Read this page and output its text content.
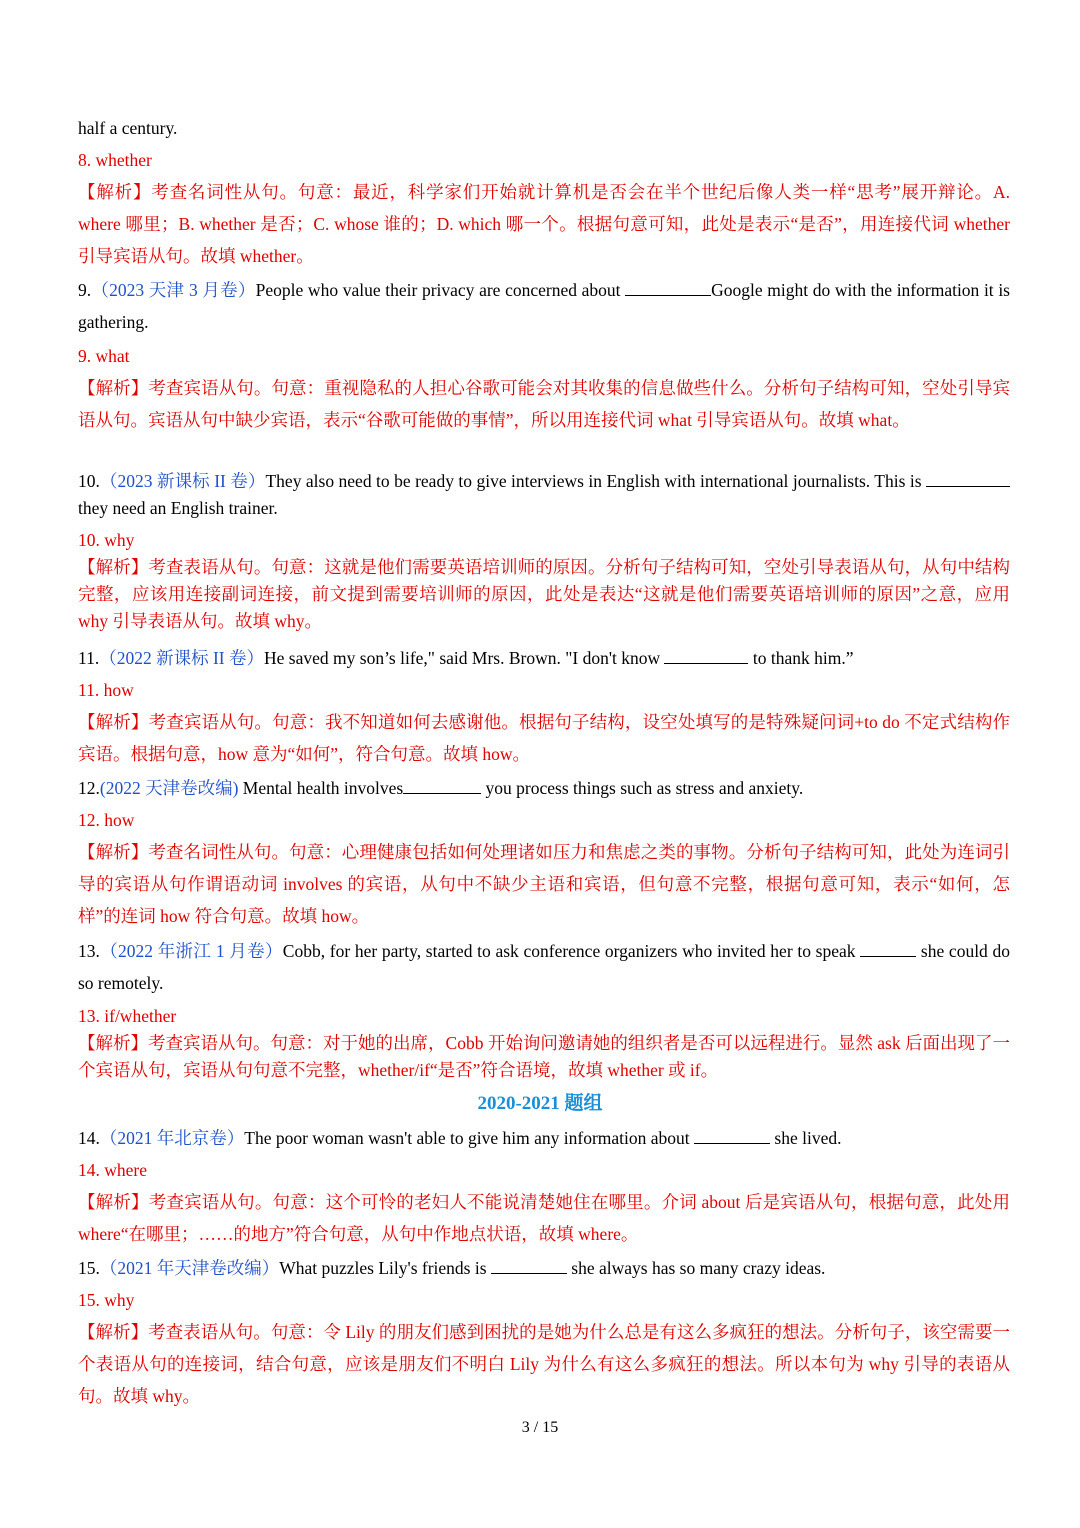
half a century.

8. whether

【解析】考查名词性从句。句意：最近，科学家们开始就计算机是否会在半个世纪后像人类一样“思考”展开辩论。A. where 哪里；B. whether 是否；C. whose 谁的；D. which 哪一个。根据句意可知，此处是表示“是否”，用连接代词 whether 引导宾语从句。故填 whether。

9.（2023 天津 3 月卷）People who value their privacy are concerned about	Google might do with the information it is gathering.

9. what

【解析】考查宾语从句。句意：重视隐私的人担心谷歌可能会对其收集的信息做些什么。分析句子结构可知，空处引导宾语从句。宾语从句中缺少宾语，表示“谷歌可能做的事情”，所以用连接代词 what 引导宾语从句。故填 what。

10.（2023 新课标 II 卷）They also need to be ready to give interviews in English with international journalists. This is  they need an English trainer.

10. why

【解析】考查表语从句。句意：这就是他们需要英语培训师的原因。分析句子结构可知，空处引导表语从句，从句中结构完整，应该用连接副词连接，前文提到需要培训师的原因，此处是表达“这就是他们需要英语培训师的原因”之意，应用 why 引导表语从句。故填 why。

11.（2022 新课标 II 卷）He saved my son’s life," said Mrs. Brown. "I don't know	to thank him.”

11. how

【解析】考查宾语从句。句意：我不知道如何去感谢他。根据句子结构，设空处填写的是特殊疑问词+to do 不定式结构作宾语。根据句意，how 意为“如何”，符合句意。故填 how。

12.(2022 天津卷改编) Mental health involves	you process things such as stress and anxiety.

12. how

【解析】考查名词性从句。句意：心理健康包括如何处理诸如压力和焦虑之类的事物。分析句子结构可知，此处为连词引导的宾语从句作谓语动词 involves 的宾语，从句中不缺少主语和宾语，但句意不完整，根据句意可知，表示“如何，怎样”的连词 how 符合句意。故填 how。

13.（2022 年浙江 1 月卷）Cobb, for her party, started to ask conference organizers who invited her to speak	she could do so remotely.

13. if/whether

【解析】考查宾语从句。句意：对于她的出席，Cobb 开始询问邀请她的组织者是否可以远程进行。显然 ask 后面出现了一个宾语从句，宾语从句句意不完整，whether/if“是否”符合语境，故填 whether 或 if。

2020-2021 题组

14.（2021 年北京卷）The poor woman wasn't able to give him any information about	she lived.

14. where

【解析】考查宾语从句。句意：这个可怜的老妇人不能说清楚她住在哪里。介词 about 后是宾语从句，根据句意，此处用 where“在哪里；……的地方”符合句意，从句中作地点状语，故填 where。

15.（2021 年天津卷改编）What puzzles Lily's friends is	she always has so many crazy ideas.

15. why

【解析】考查表语从句。句意：令 Lily 的朋友们感到困扰的是她为什么总是有这么多疯狂的想法。分析句子，该空需要一个表语从句的连接词，结合句意，应该是朋友们不明白 Lily 为什么有这么多疯狂的想法。所以本句为 why 引导的表语从句。故填 why。

3 / 15
